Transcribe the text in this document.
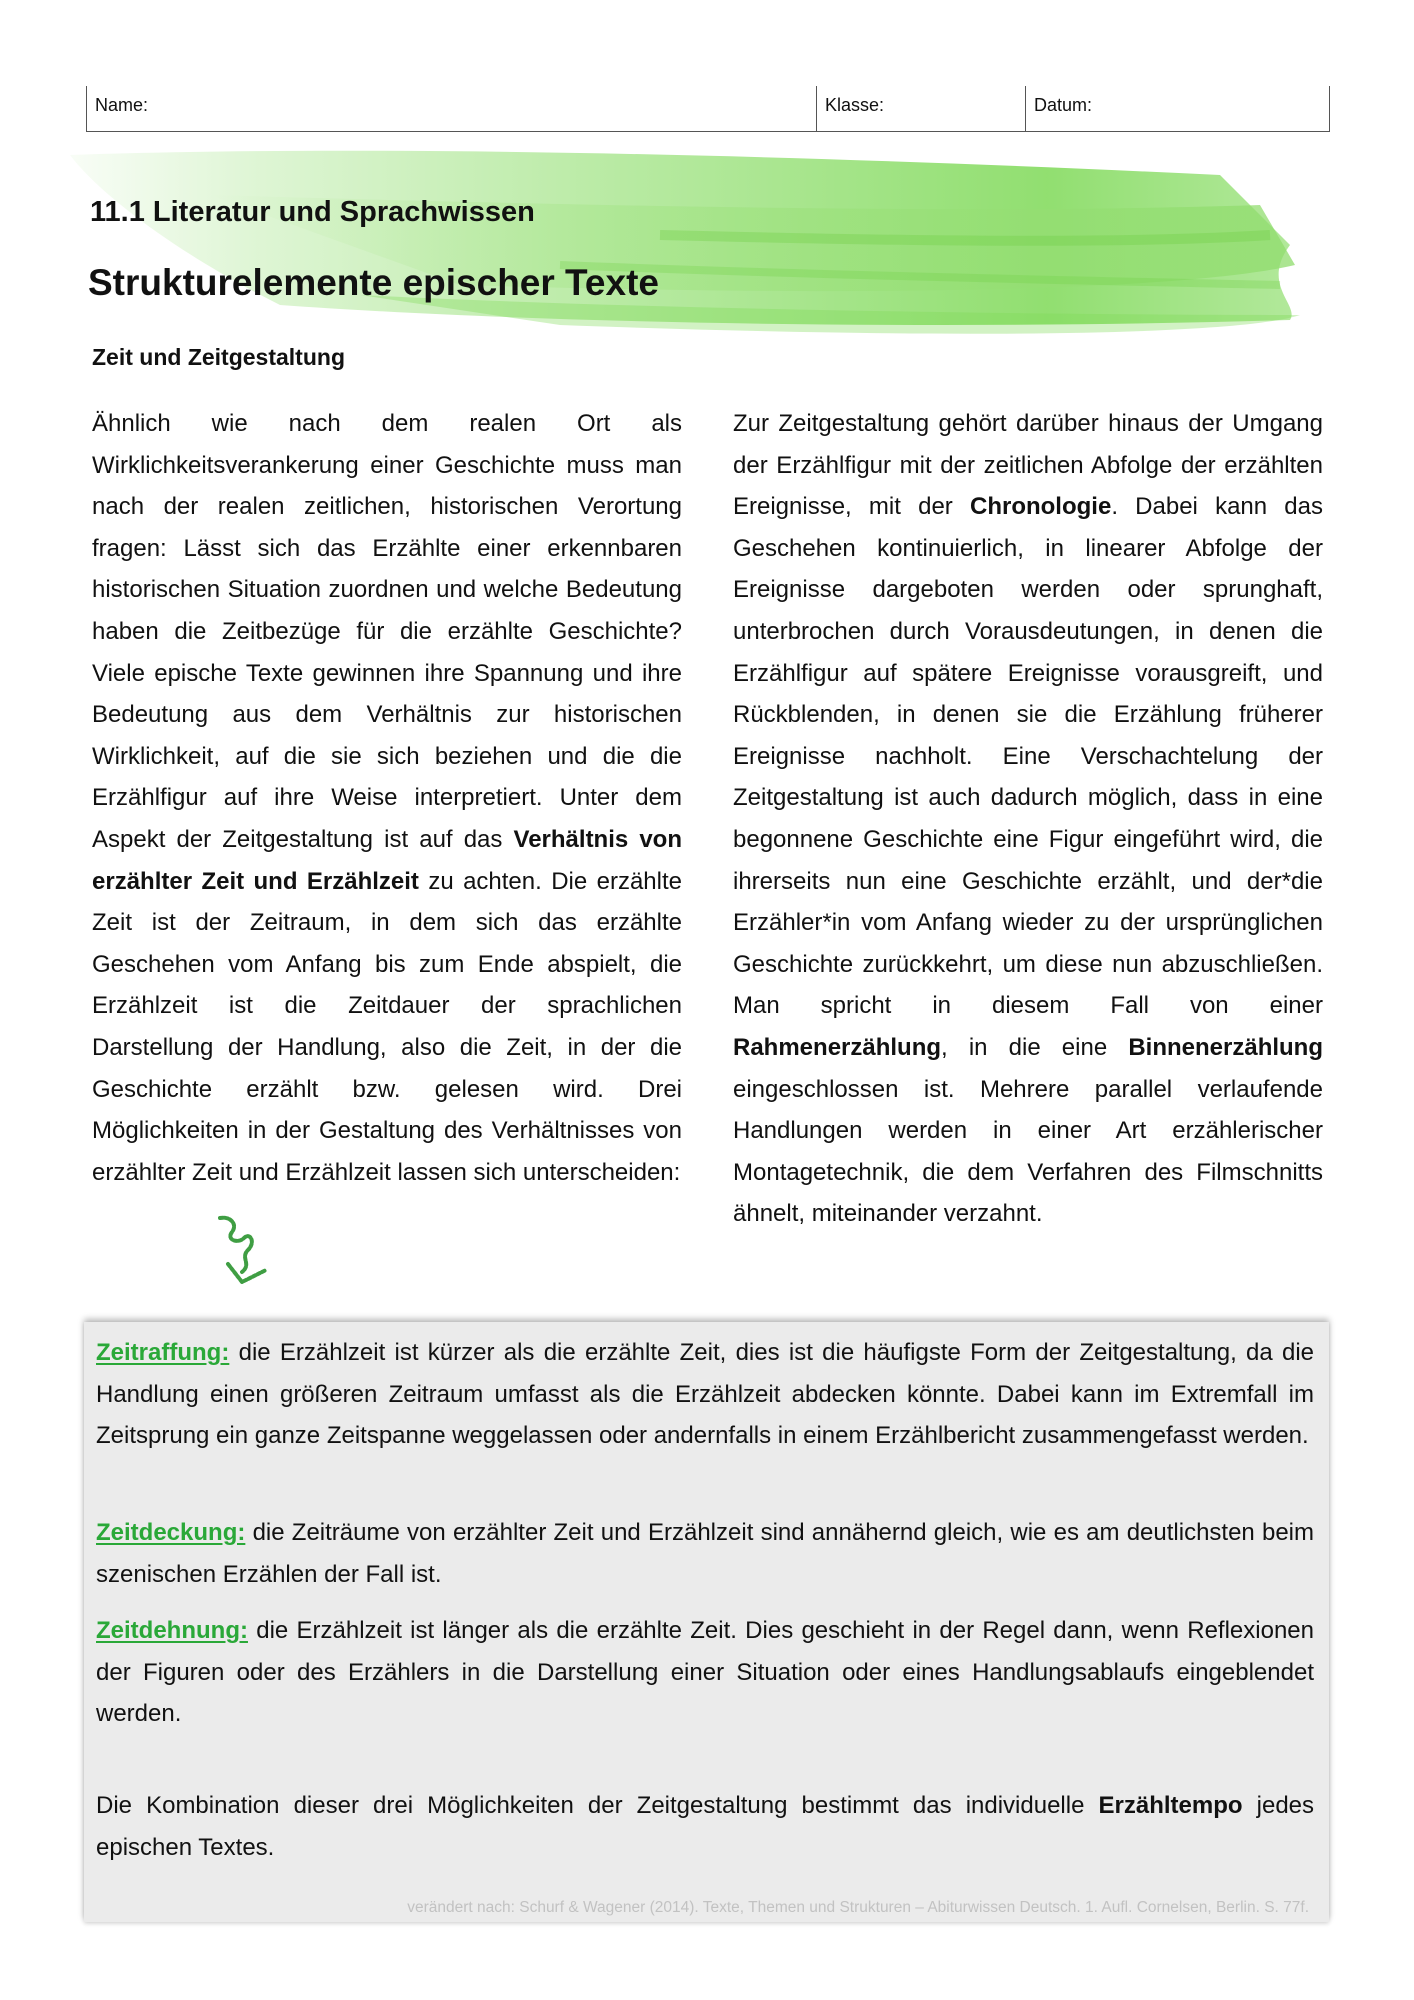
Name:	Klasse:	Datum:
11.1 Literatur und Sprachwissen
Strukturelemente epischer Texte
Zeit und Zeitgestaltung

Ähnlich wie nach dem realen Ort als Wirklichkeitsverankerung einer Geschichte muss man nach der realen zeitlichen, historischen Verortung fragen: Lässt sich das Erzählte einer erkennbaren historischen Situation zuordnen und welche Bedeutung haben die Zeitbezüge für die erzählte Geschichte? Viele epische Texte gewinnen ihre Spannung und ihre Bedeutung aus dem Verhältnis zur historischen Wirklichkeit, auf die sie sich beziehen und die die Erzählfigur auf ihre Weise interpretiert. Unter dem Aspekt der Zeitgestaltung ist auf das Verhältnis von erzählter Zeit und Erzählzeit zu achten. Die erzählte Zeit ist der Zeitraum, in dem sich das erzählte Geschehen vom Anfang bis zum Ende abspielt, die Erzählzeit ist die Zeitdauer der sprachlichen Darstellung der Handlung, also die Zeit, in der die Geschichte erzählt bzw. gelesen wird. Drei Möglichkeiten in der Gestaltung des Verhältnisses von erzählter Zeit und Erzählzeit lassen sich unterscheiden:

Zur Zeitgestaltung gehört darüber hinaus der Umgang der Erzählfigur mit der zeitlichen Abfolge der erzählten Ereignisse, mit der Chronologie. Dabei kann das Geschehen kontinuierlich, in linearer Abfolge der Ereignisse dargeboten werden oder sprunghaft, unterbrochen durch Vorausdeutungen, in denen die Erzählfigur auf spätere Ereignisse vorausgreift, und Rückblenden, in denen sie die Erzählung früherer Ereignisse nachholt. Eine Verschachtelung der Zeitgestaltung ist auch dadurch möglich, dass in eine begonnene Geschichte eine Figur eingeführt wird, die ihrerseits nun eine Geschichte erzählt, und der*die Erzähler*in vom Anfang wieder zu der ursprünglichen Geschichte zurückkehrt, um diese nun abzuschließen. Man spricht in diesem Fall von einer Rahmenerzählung, in die eine Binnenerzählung eingeschlossen ist. Mehrere parallel verlaufende Handlungen werden in einer Art erzählerischer Montagetechnik, die dem Verfahren des Filmschnitts ähnelt, miteinander verzahnt.

Zeitraffung: die Erzählzeit ist kürzer als die erzählte Zeit, dies ist die häufigste Form der Zeitgestaltung, da die Handlung einen größeren Zeitraum umfasst als die Erzählzeit abdecken könnte. Dabei kann im Extremfall im Zeitsprung ein ganze Zeitspanne weggelassen oder andernfalls in einem Erzählbericht zusammengefasst werden.

Zeitdeckung: die Zeiträume von erzählter Zeit und Erzählzeit sind annähernd gleich, wie es am deutlichsten beim szenischen Erzählen der Fall ist.

Zeitdehnung: die Erzählzeit ist länger als die erzählte Zeit. Dies geschieht in der Regel dann, wenn Reflexionen der Figuren oder des Erzählers in die Darstellung einer Situation oder eines Handlungsablaufs eingeblendet werden.

Die Kombination dieser drei Möglichkeiten der Zeitgestaltung bestimmt das individuelle Erzähltempo jedes epischen Textes.

verändert nach: Schurf & Wagener (2014). Texte, Themen und Strukturen – Abiturwissen Deutsch. 1. Aufl. Cornelsen, Berlin. S. 77f.
